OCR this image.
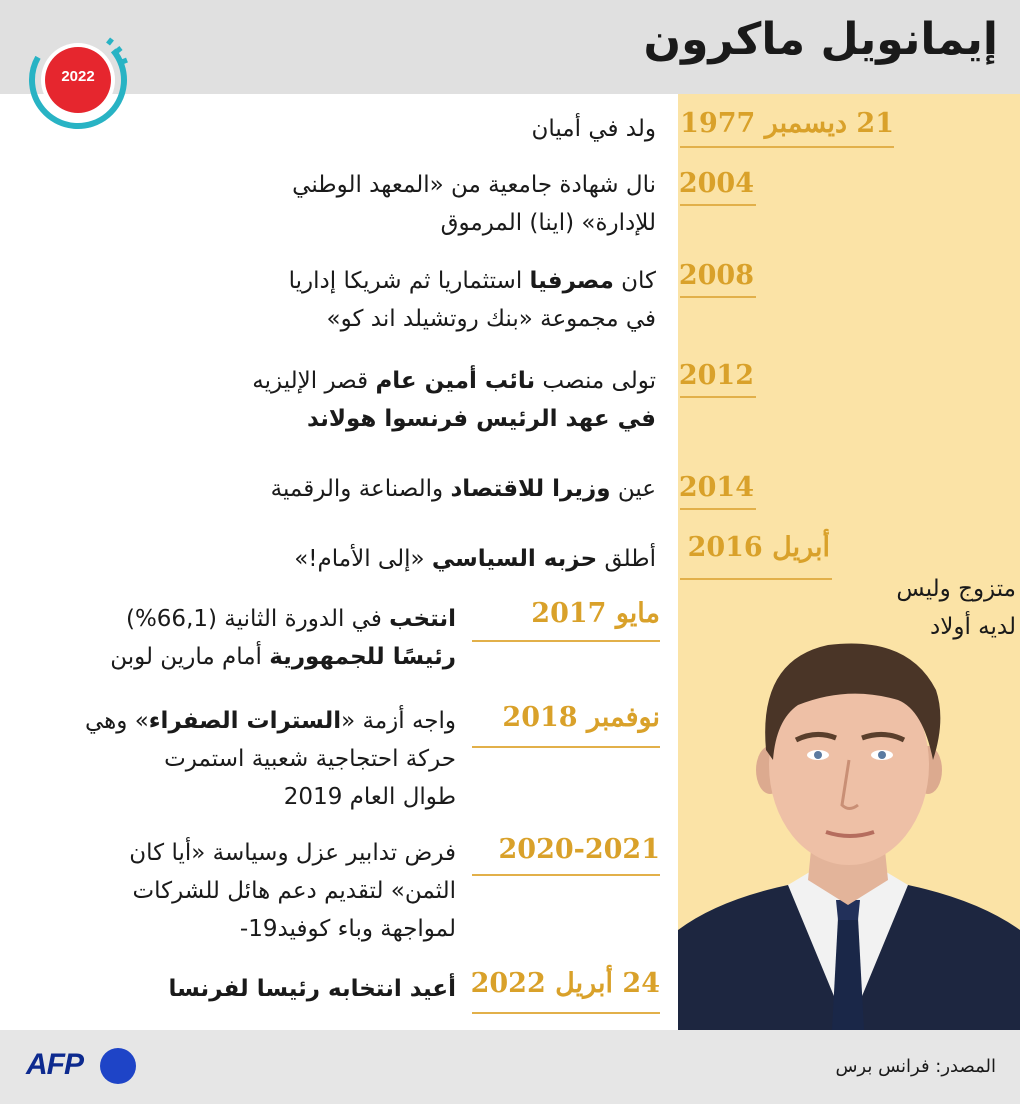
إيمانويل ماكرون
2022
متزوج وليس
لديه أولاد
21 ديسمبر 1977
ولد في أميان
2004
نال شهادة جامعية من «المعهد الوطني
للإدارة» (اينا) المرموق
2008
كان مصرفيا استثماريا ثم شريكا إداريا
في مجموعة «بنك روتشيلد اند كو»
2012
تولى منصب نائب أمين عام قصر الإليزيه
في عهد الرئيس فرنسوا هولاند
2014
عين وزيرا للاقتصاد والصناعة والرقمية
أبريل 2016
أطلق حزبه السياسي «إلى الأمام!»
مايو 2017
انتخب في الدورة الثانية (66,1%)
رئيسًا للجمهورية أمام مارين لوبن
نوفمبر 2018
واجه أزمة «السترات الصفراء» وهي
حركة احتجاجية شعبية استمرت
طوال العام 2019
2020-2021
فرض تدابير عزل وسياسة «أيا كان
الثمن» لتقديم دعم هائل للشركات
لمواجهة وباء كوفيد19-
24 أبريل 2022
أعيد انتخابه رئيسا لفرنسا
المصدر: فرانس برس
AFP
